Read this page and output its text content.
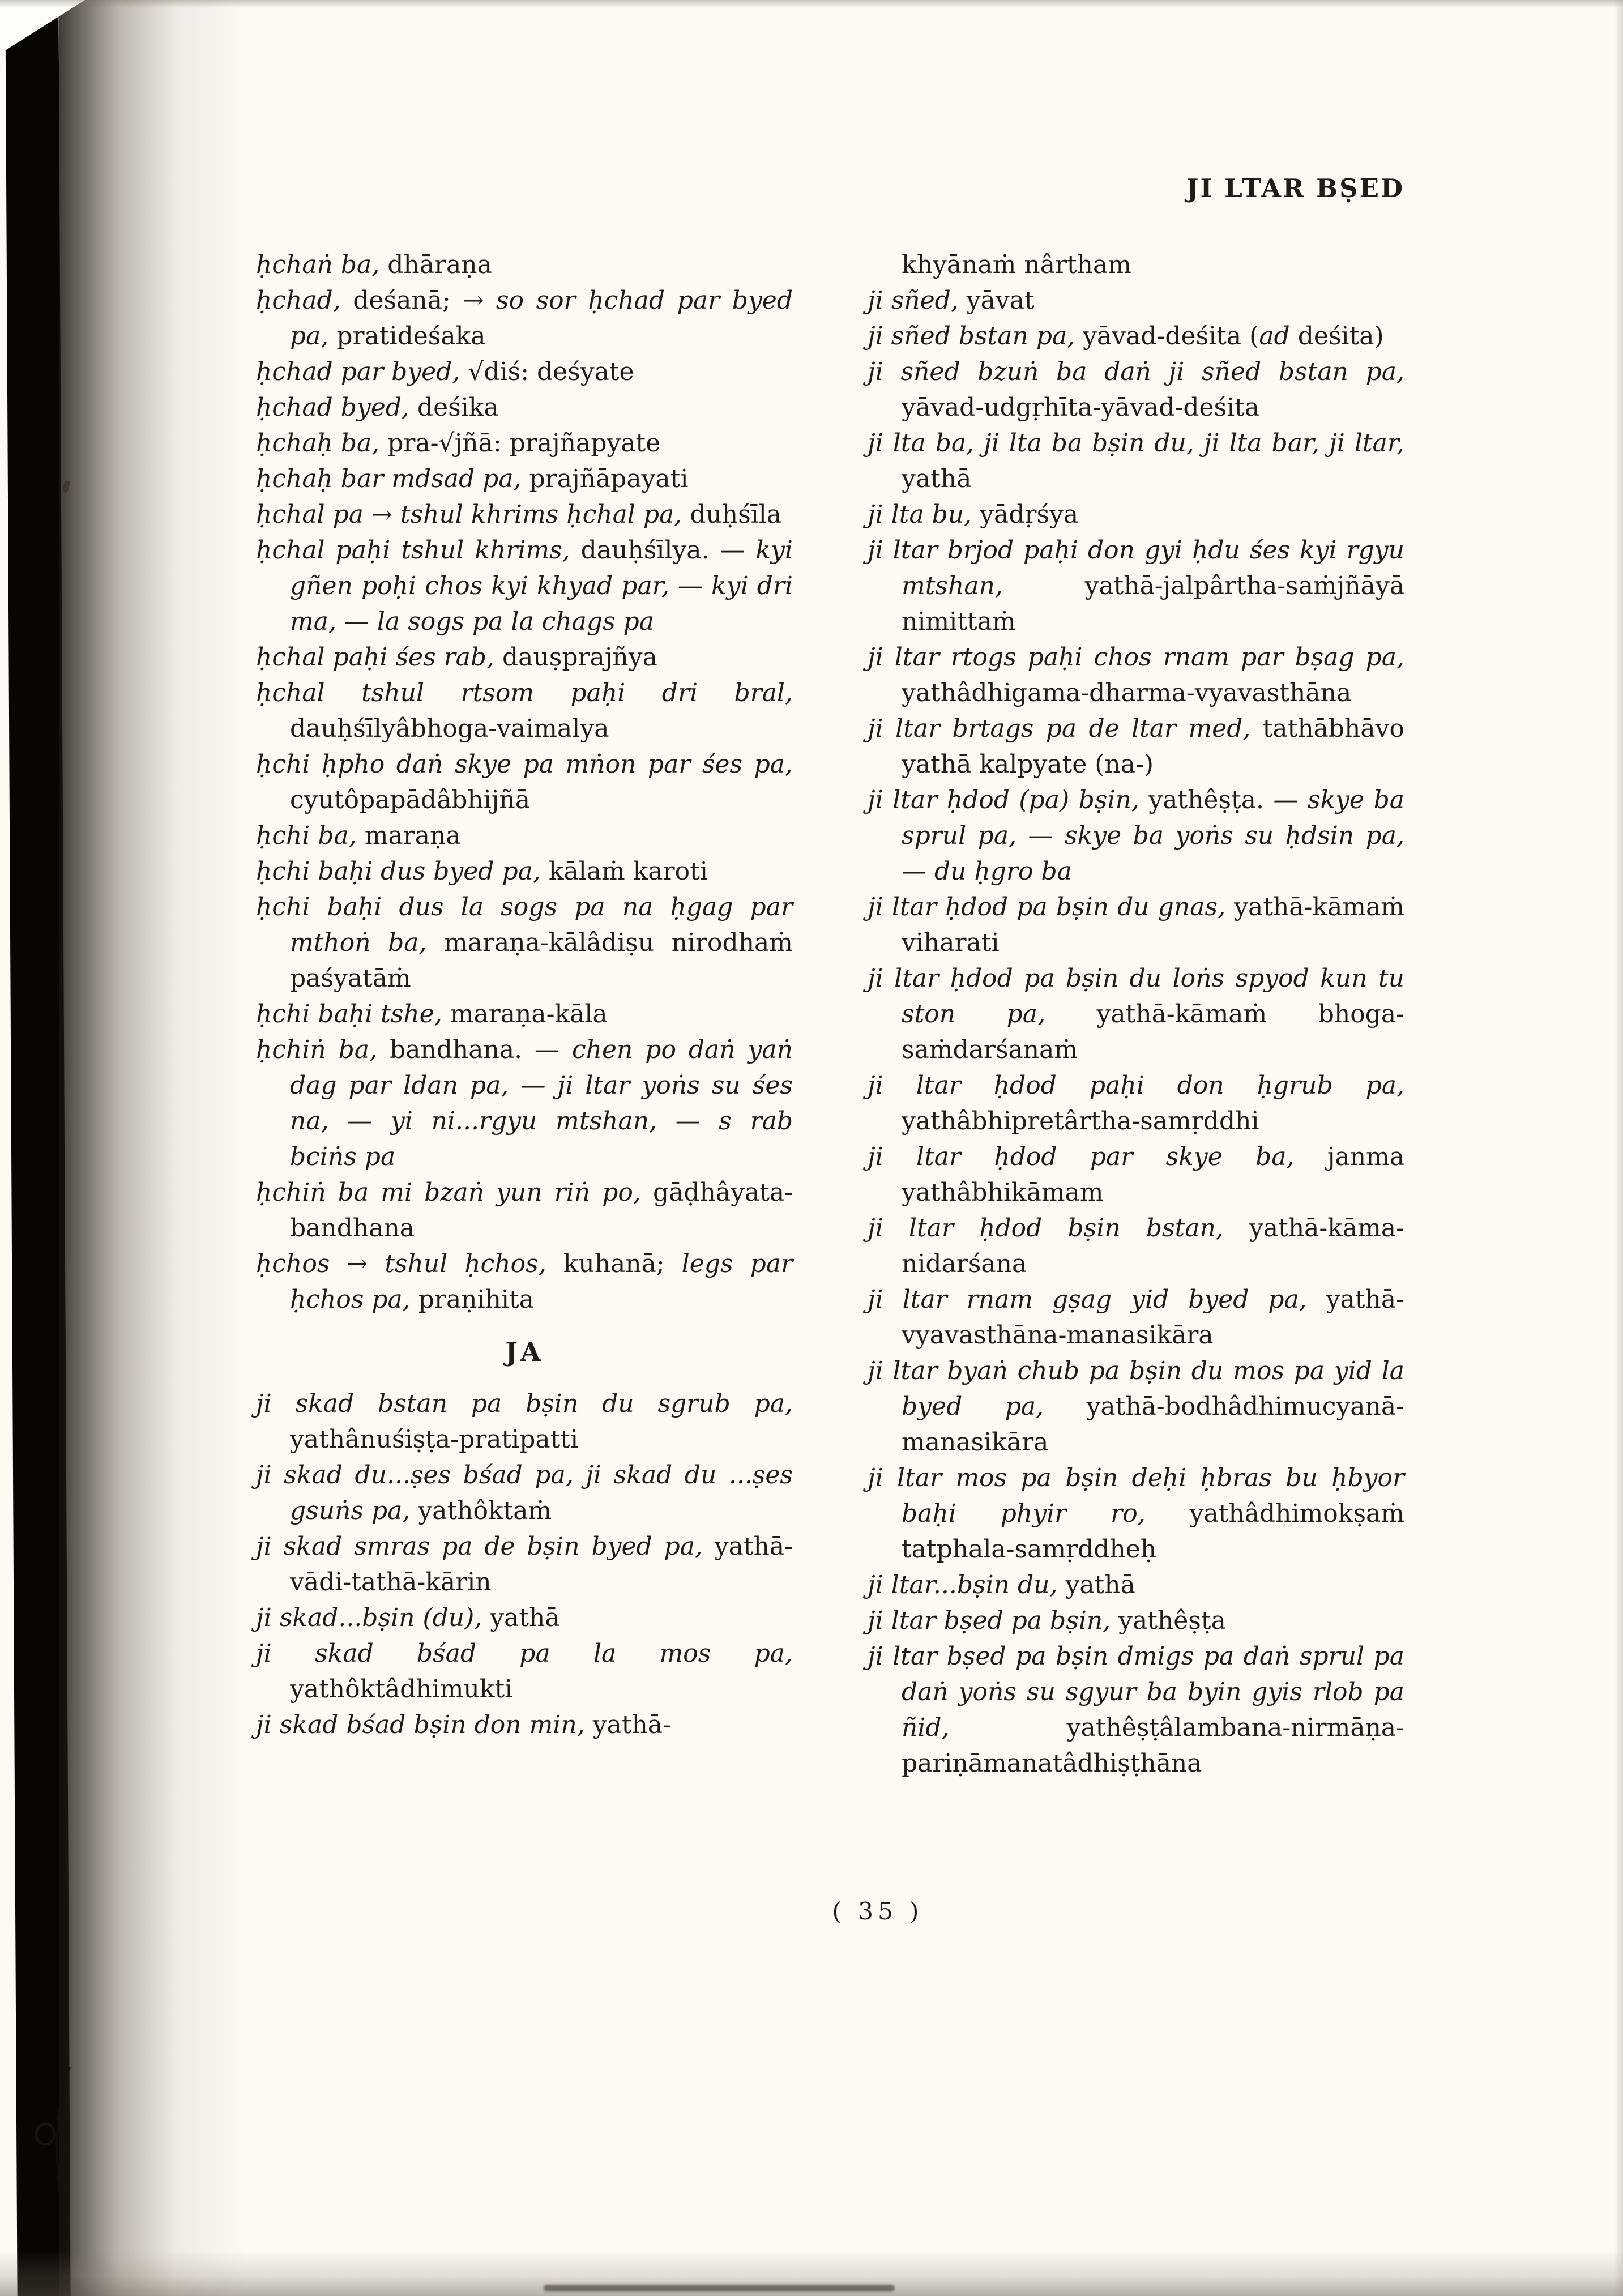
JI LTAR BṢED

ḥchaṅ ba, dhāraṇa

ḥchad, deśanā; → so sor ḥchad par byed pa, pratideśaka

ḥchad par byed, √diś: deśyate

ḥchad byed, deśika

ḥchaḥ ba, pra-√jñā: prajñapyate

ḥchaḥ bar mdsad pa, prajñāpayati

ḥchal pa → tshul khrims ḥchal pa, duḥśīla

ḥchal paḥi tshul khrims, dauḥśīlya. — kyi gñen poḥi chos kyi khyad par, — kyi dri ma, — la sogs pa la chags pa

ḥchal paḥi śes rab, dauṣprajñya

ḥchal tshul rtsom paḥi dri bral, dauḥśīlyâbhoga-vaimalya

ḥchi ḥpho daṅ skye pa mṅon par śes pa, cyutôpapādâbhijñā

ḥchi ba, maraṇa

ḥchi baḥi dus byed pa, kālaṁ karoti

ḥchi baḥi dus la sogs pa na ḥgag par mthoṅ ba, maraṇa-kālâdiṣu nirodhaṁ paśyatāṁ

ḥchi baḥi tshe, maraṇa-kāla

ḥchiṅ ba, bandhana. — chen po daṅ yaṅ dag par ldan pa, — ji ltar yoṅs su śes na, — yi ni...rgyu mtshan, — s rab bciṅs pa

ḥchiṅ ba mi bzaṅ yun riṅ po, gāḍhâyata-bandhana

ḥchos → tshul ḥchos, kuhanā; legs par ḥchos pa, praṇihita

JA

ji skad bstan pa bṣin du sgrub pa, yathânuśiṣṭa-pratipatti

ji skad du...ṣes bśad pa, ji skad du ...ṣes gsuṅs pa, yathôktaṁ

ji skad smras pa de bṣin byed pa, yathā-vādi-tathā-kārin

ji skad...bṣin (du), yathā

ji skad bśad pa la mos pa, yathôktâdhimukti

ji skad bśad bṣin don min, yathā-

khyānaṁ nârtham

ji sñed, yāvat

ji sñed bstan pa, yāvad-deśita (ad deśita)

ji sñed bzuṅ ba daṅ ji sñed bstan pa, yāvad-udgṛhīta-yāvad-deśita

ji lta ba, ji lta ba bṣin du, ji lta bar, ji ltar, yathā

ji lta bu, yādṛśya

ji ltar brjod paḥi don gyi ḥdu śes kyi rgyu mtshan, yathā-jalpârtha-saṁjñāyā nimittaṁ

ji ltar rtogs paḥi chos rnam par bṣag pa, yathâdhigama-dharma-vyavasthāna

ji ltar brtags pa de ltar med, tathābhāvo yathā kalpyate (na-)

ji ltar ḥdod (pa) bṣin, yathêṣṭa. — skye ba sprul pa, — skye ba yoṅs su ḥdsin pa, — du ḥgro ba

ji ltar ḥdod pa bṣin du gnas, yathā-kāmaṁ viharati

ji ltar ḥdod pa bṣin du loṅs spyod kun tu ston pa, yathā-kāmaṁ bhoga-saṁdarśanaṁ

ji ltar ḥdod paḥi don ḥgrub pa, yathâbhipretârtha-samṛddhi

ji ltar ḥdod par skye ba, janma yathâbhikāmam

ji ltar ḥdod bṣin bstan, yathā-kāma-nidarśana

ji ltar rnam gṣag yid byed pa, yathā-vyavasthāna-manasikāra

ji ltar byaṅ chub pa bṣin du mos pa yid la byed pa, yathā-bodhâdhimucyanā-manasikāra

ji ltar mos pa bṣin deḥi ḥbras bu ḥbyor baḥi phyir ro, yathâdhimokṣaṁ tatphala-samṛddheḥ

ji ltar...bṣin du, yathā

ji ltar bṣed pa bṣin, yathêṣṭa

ji ltar bṣed pa bṣin dmigs pa daṅ sprul pa daṅ yoṅs su sgyur ba byin gyis rlob pa ñid, yathêṣṭâlambana-nirmāṇa-pariṇāmanatâdhiṣṭhāna

( 35 )
